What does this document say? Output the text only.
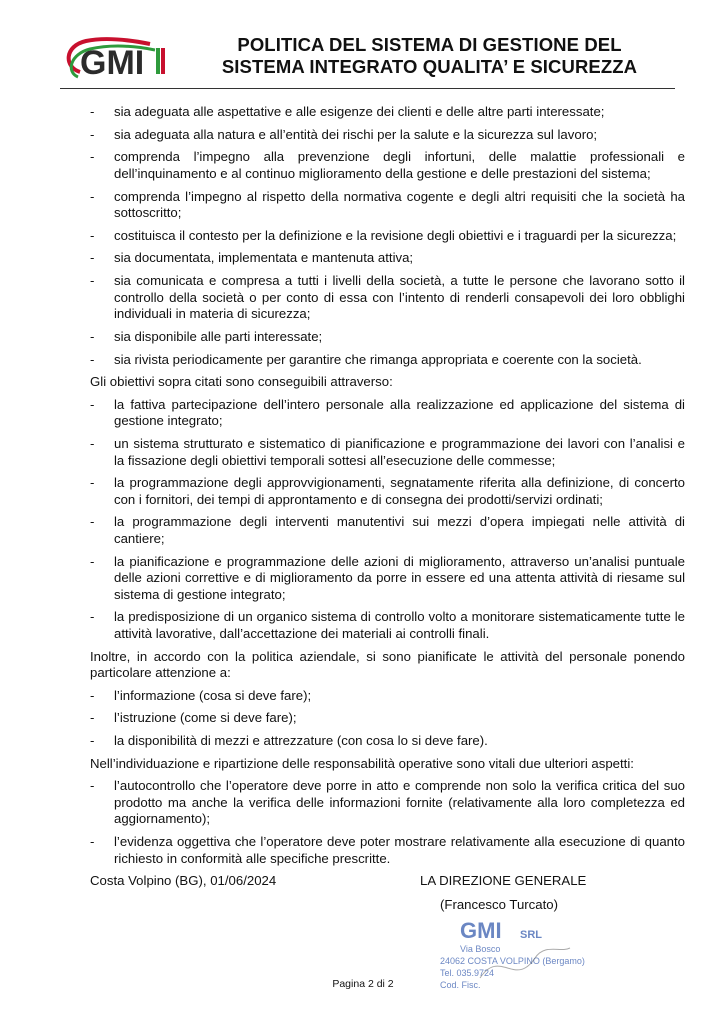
GMI	POLITICA DEL SISTEMA DI GESTIONE DEL
SISTEMA INTEGRATO QUALITA’ E SICUREZZA
- sia adeguata alle aspettative e alle esigenze dei clienti e delle altre parti interessate;
- sia adeguata alla natura e all’entità dei rischi per la salute e la sicurezza sul lavoro;
- comprenda l’impegno alla prevenzione degli infortuni, delle malattie professionali e dell’inquinamento e al continuo miglioramento della gestione e delle prestazioni del sistema;
- comprenda l’impegno al rispetto della normativa cogente e degli altri requisiti che la società ha sottoscritto;
- costituisca il contesto per la definizione e la revisione degli obiettivi e i traguardi per la sicurezza;
- sia documentata, implementata e mantenuta attiva;
- sia comunicata e compresa a tutti i livelli della società, a tutte le persone che lavorano sotto il controllo della società o per conto di essa con l’intento di renderli consapevoli dei loro obblighi individuali in materia di sicurezza;
- sia disponibile alle parti interessate;
- sia rivista periodicamente per garantire che rimanga appropriata e coerente con la società.

Gli obiettivi sopra citati sono conseguibili attraverso:

- la fattiva partecipazione dell’intero personale alla realizzazione ed applicazione del sistema di gestione integrato;
- un sistema strutturato e sistematico di pianificazione e programmazione dei lavori con l’analisi e la fissazione degli obiettivi temporali sottesi all’esecuzione delle commesse;
- la programmazione degli approvvigionamenti, segnatamente riferita alla definizione, di concerto con i fornitori, dei tempi di approntamento e di consegna dei prodotti/servizi ordinati;
- la programmazione degli interventi manutentivi sui mezzi d’opera impiegati nelle attività di cantiere;
- la pianificazione e programmazione delle azioni di miglioramento, attraverso un’analisi puntuale delle azioni correttive e di miglioramento da porre in essere ed una attenta attività di riesame sul sistema di gestione integrato;
- la predisposizione di un organico sistema di controllo volto a monitorare sistematicamente tutte le attività lavorative, dall’accettazione dei materiali ai controlli finali.

Inoltre, in accordo con la politica aziendale, si sono pianificate le attività del personale ponendo particolare attenzione a:

- l’informazione (cosa si deve fare);
- l’istruzione (come si deve fare);
- la disponibilità di mezzi e attrezzature (con cosa lo si deve fare).

Nell’individuazione e ripartizione delle responsabilità operative sono vitali due ulteriori aspetti:

- l’autocontrollo che l’operatore deve porre in atto e comprende non solo la verifica critica del suo prodotto ma anche la verifica delle informazioni fornite (relativamente alla loro completezza ed aggiornamento);
- l’evidenza oggettiva che l’operatore deve poter mostrare relativamente alla esecuzione di quanto richiesto in conformità alle specifiche prescritte.
Costa Volpino (BG), 01/06/2024	LA DIREZIONE GENERALE
(Francesco Turcato)
GMI SRL
Via Bosco
24062 COSTA VOLPINO (Bergamo)
Tel. 035.9724
Cod. Fisc.
Pagina 2 di 2
